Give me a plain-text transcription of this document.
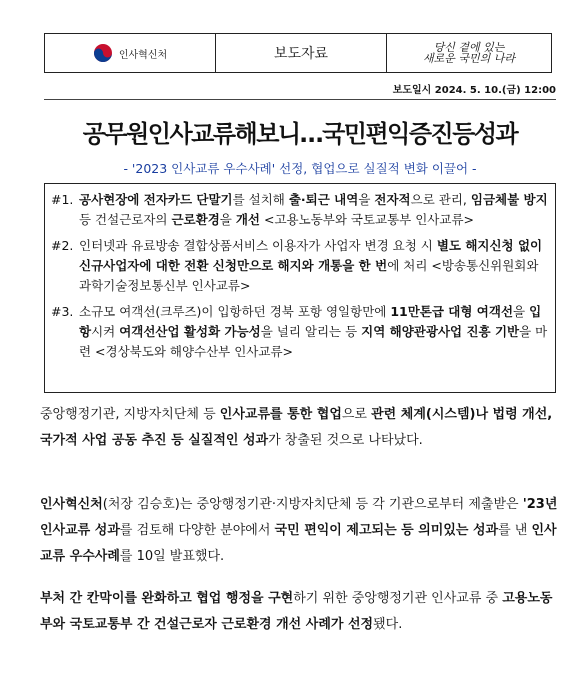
인사혁신처	보도자료	당신 곁에 있는
새로운 국민의 나라
보도일시 2024. 5. 10.(금) 12:00
공무원인사교류해보니…국민편익증진등성과
- '2023 인사교류 우수사례' 선정, 협업으로 실질적 변화 이끌어 -
#1. 공사현장에 전자카드 단말기를 설치해 출·퇴근 내역을 전자적으로 관리, 임금체불 방지 등 건설근로자의 근로환경을 개선 <고용노동부와 국토교통부 인사교류>
#2. 인터넷과 유료방송 결합상품서비스 이용자가 사업자 변경 요청 시 별도 해지신청 없이 신규사업자에 대한 전환 신청만으로 해지와 개통을 한 번에 처리 <방송통신위원회와 과학기술정보통신부 인사교류>
#3. 소규모 여객선(크루즈)이 입항하던 경북 포항 영일항만에 11만톤급 대형 여객선을 입항시켜 여객선산업 활성화 가능성을 널리 알리는 등 지역 해양관광사업 진흥 기반을 마련 <경상북도와 해양수산부 인사교류>
중앙행정기관, 지방자치단체 등 인사교류를 통한 협업으로 관련 체계(시스템)나 법령 개선, 국가적 사업 공동 추진 등 실질적인 성과가 창출된 것으로 나타났다.
인사혁신처(처장 김승호)는 중앙행정기관·지방자치단체 등 각 기관으로부터 제출받은 '23년 인사교류 성과를 검토해 다양한 분야에서 국민 편익이 제고되는 등 의미있는 성과를 낸 인사교류 우수사례를 10일 발표했다.
부처 간 칸막이를 완화하고 협업 행정을 구현하기 위한 중앙행정기관 인사교류 중 고용노동부와 국토교통부 간 건설근로자 근로환경 개선 사례가 선정됐다.
